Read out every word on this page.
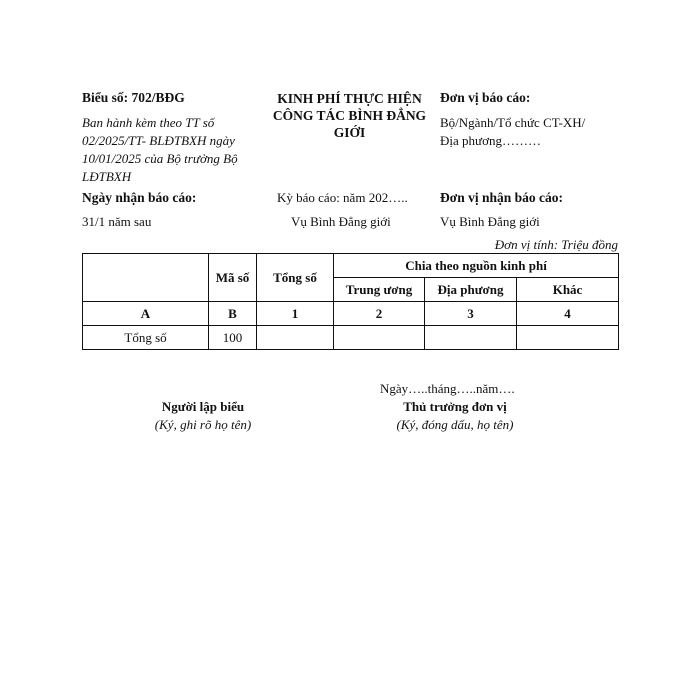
Biểu số: 702/BĐG
Ban hành kèm theo TT số 02/2025/TT- BLĐTBXH ngày 10/01/2025 của Bộ trưởng Bộ LĐTBXH
KINH PHÍ THỰC HIỆN
CÔNG TÁC BÌNH ĐẲNG GIỚI
Đơn vị báo cáo:
Bộ/Ngành/Tổ chức CT-XH/Địa phương………
Ngày nhận báo cáo:
31/1 năm sau
Kỳ báo cáo: năm 202…..
Vụ Bình Đẳng giới
Đơn vị nhận báo cáo:
Vụ Bình Đẳng giới
Đơn vị tính: Triệu đồng
	Mã số	Tổng số	Chia theo nguồn kinh phí		
			Trung ương	Địa phương	Khác
A	B	1	2	3	4
Tổng số	100				
Ngày…..tháng…..năm….
Người lập biểu
(Ký, ghi rõ họ tên)
Thủ trưởng đơn vị
(Ký, đóng dấu, họ tên)
